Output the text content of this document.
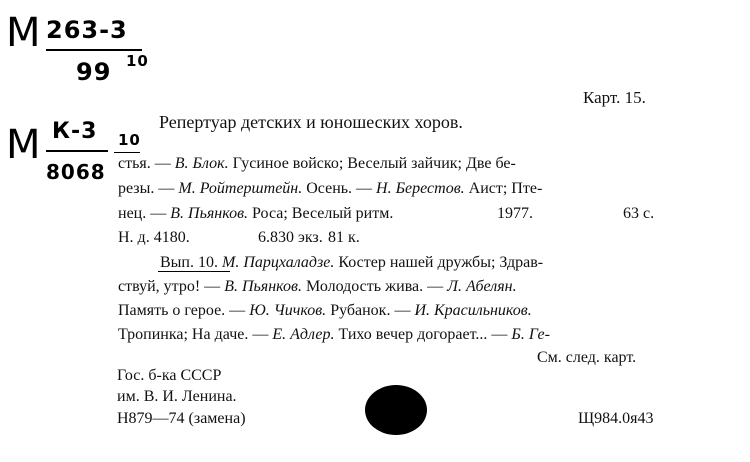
М 263-3
99 10
М К-3
8068
10
Карт. 15.
Репертуар детских и юношеских хоров.
стья. — В. Блок. Гусиное войско; Веселый зайчик; Две бе-
резы. — М. Ройтерштейн. Осень. — Н. Берестов. Аист; Пте-
нец. — В. Пьянков. Роса; Веселый ритм.	1977.	63 с.
Н. д. 4180.	6.830 экз. 81 к.
Вып. 10. М. Парцхаладзе. Костер нашей дружбы; Здрав-
ствуй, утро! — В. Пьянков. Молодость жива. — Л. Абелян.
Память о герое. — Ю. Чичков. Рубанок. — И. Красильников.
Тропинка; На даче. — Е. Адлер. Тихо вечер догорает... — Б. Ге-
См. след. карт.
Гос. б-ка СССР
им. В. И. Ленина.
Н879—74 (замена)	Щ984.0я43
